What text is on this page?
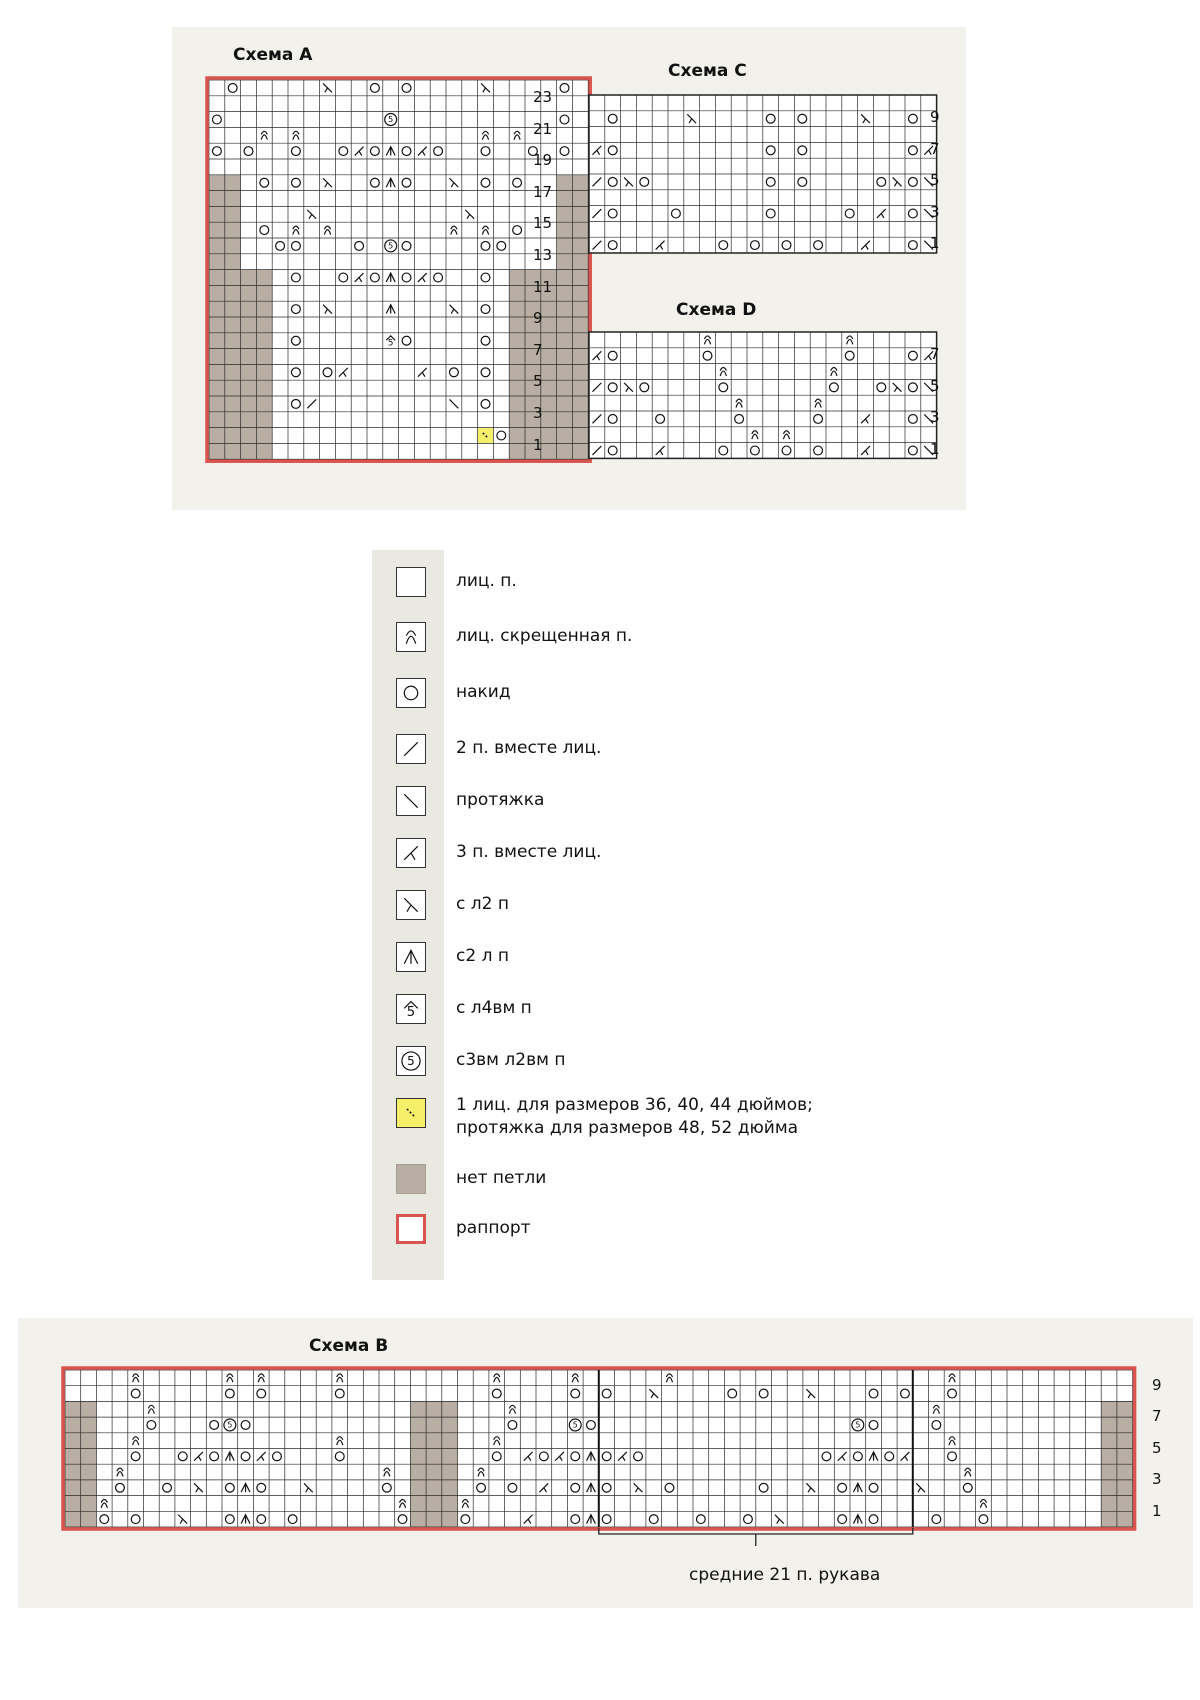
Схема А
Схема С
Схема D
Схема В
5
5
5
5	5	5
23
21
19
17
15
13
11
9
7
5
3
1
9
7
5
3
1
7
5
3
1
9
7
5
3
1
лиц. п.
лиц. скрещенная п.
накид
2 п. вместе лиц.
протяжка
3 п. вместе лиц.
с л2 п
с2 л п
5 с л4вм п
5 с3вм л2вм п
1 лиц. для размеров 36, 40, 44 дюймов;
протяжка для размеров 48, 52 дюйма
нет петли
раппорт
средние 21 п. рукава
